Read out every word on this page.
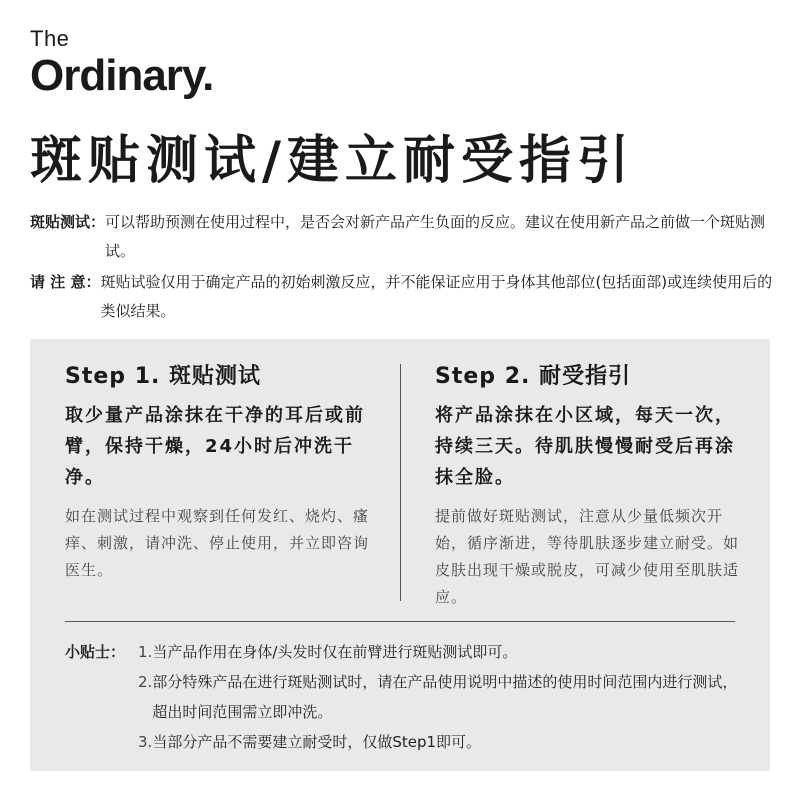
The
Ordinary.
斑贴测试/建立耐受指引
斑贴测试： 可以帮助预测在使用过程中，是否会对新产品产生负面的反应。建议在使用新产品之前做一个斑贴测试。
请 注 意： 斑贴试验仅用于确定产品的初始刺激反应，并不能保证应用于身体其他部位(包括面部)或连续使用后的类似结果。
Step 1. 斑贴测试

取少量产品涂抹在干净的耳后或前臂，保持干燥，24小时后冲洗干净。

如在测试过程中观察到任何发红、烧灼、瘙痒、刺激，请冲洗、停止使用，并立即咨询医生。

Step 2. 耐受指引

将产品涂抹在小区域，每天一次，持续三天。待肌肤慢慢耐受后再涂抹全脸。

提前做好斑贴测试，注意从少量低频次开始，循序渐进，等待肌肤逐步建立耐受。如皮肤出现干燥或脱皮，可减少使用至肌肤适应。

小贴士： 1. 当产品作用在身体/头发时仅在前臂进行斑贴测试即可。
2. 部分特殊产品在进行斑贴测试时，请在产品使用说明中描述的使用时间范围内进行测试，超出时间范围需立即冲洗。
3. 当部分产品不需要建立耐受时，仅做Step1即可。
